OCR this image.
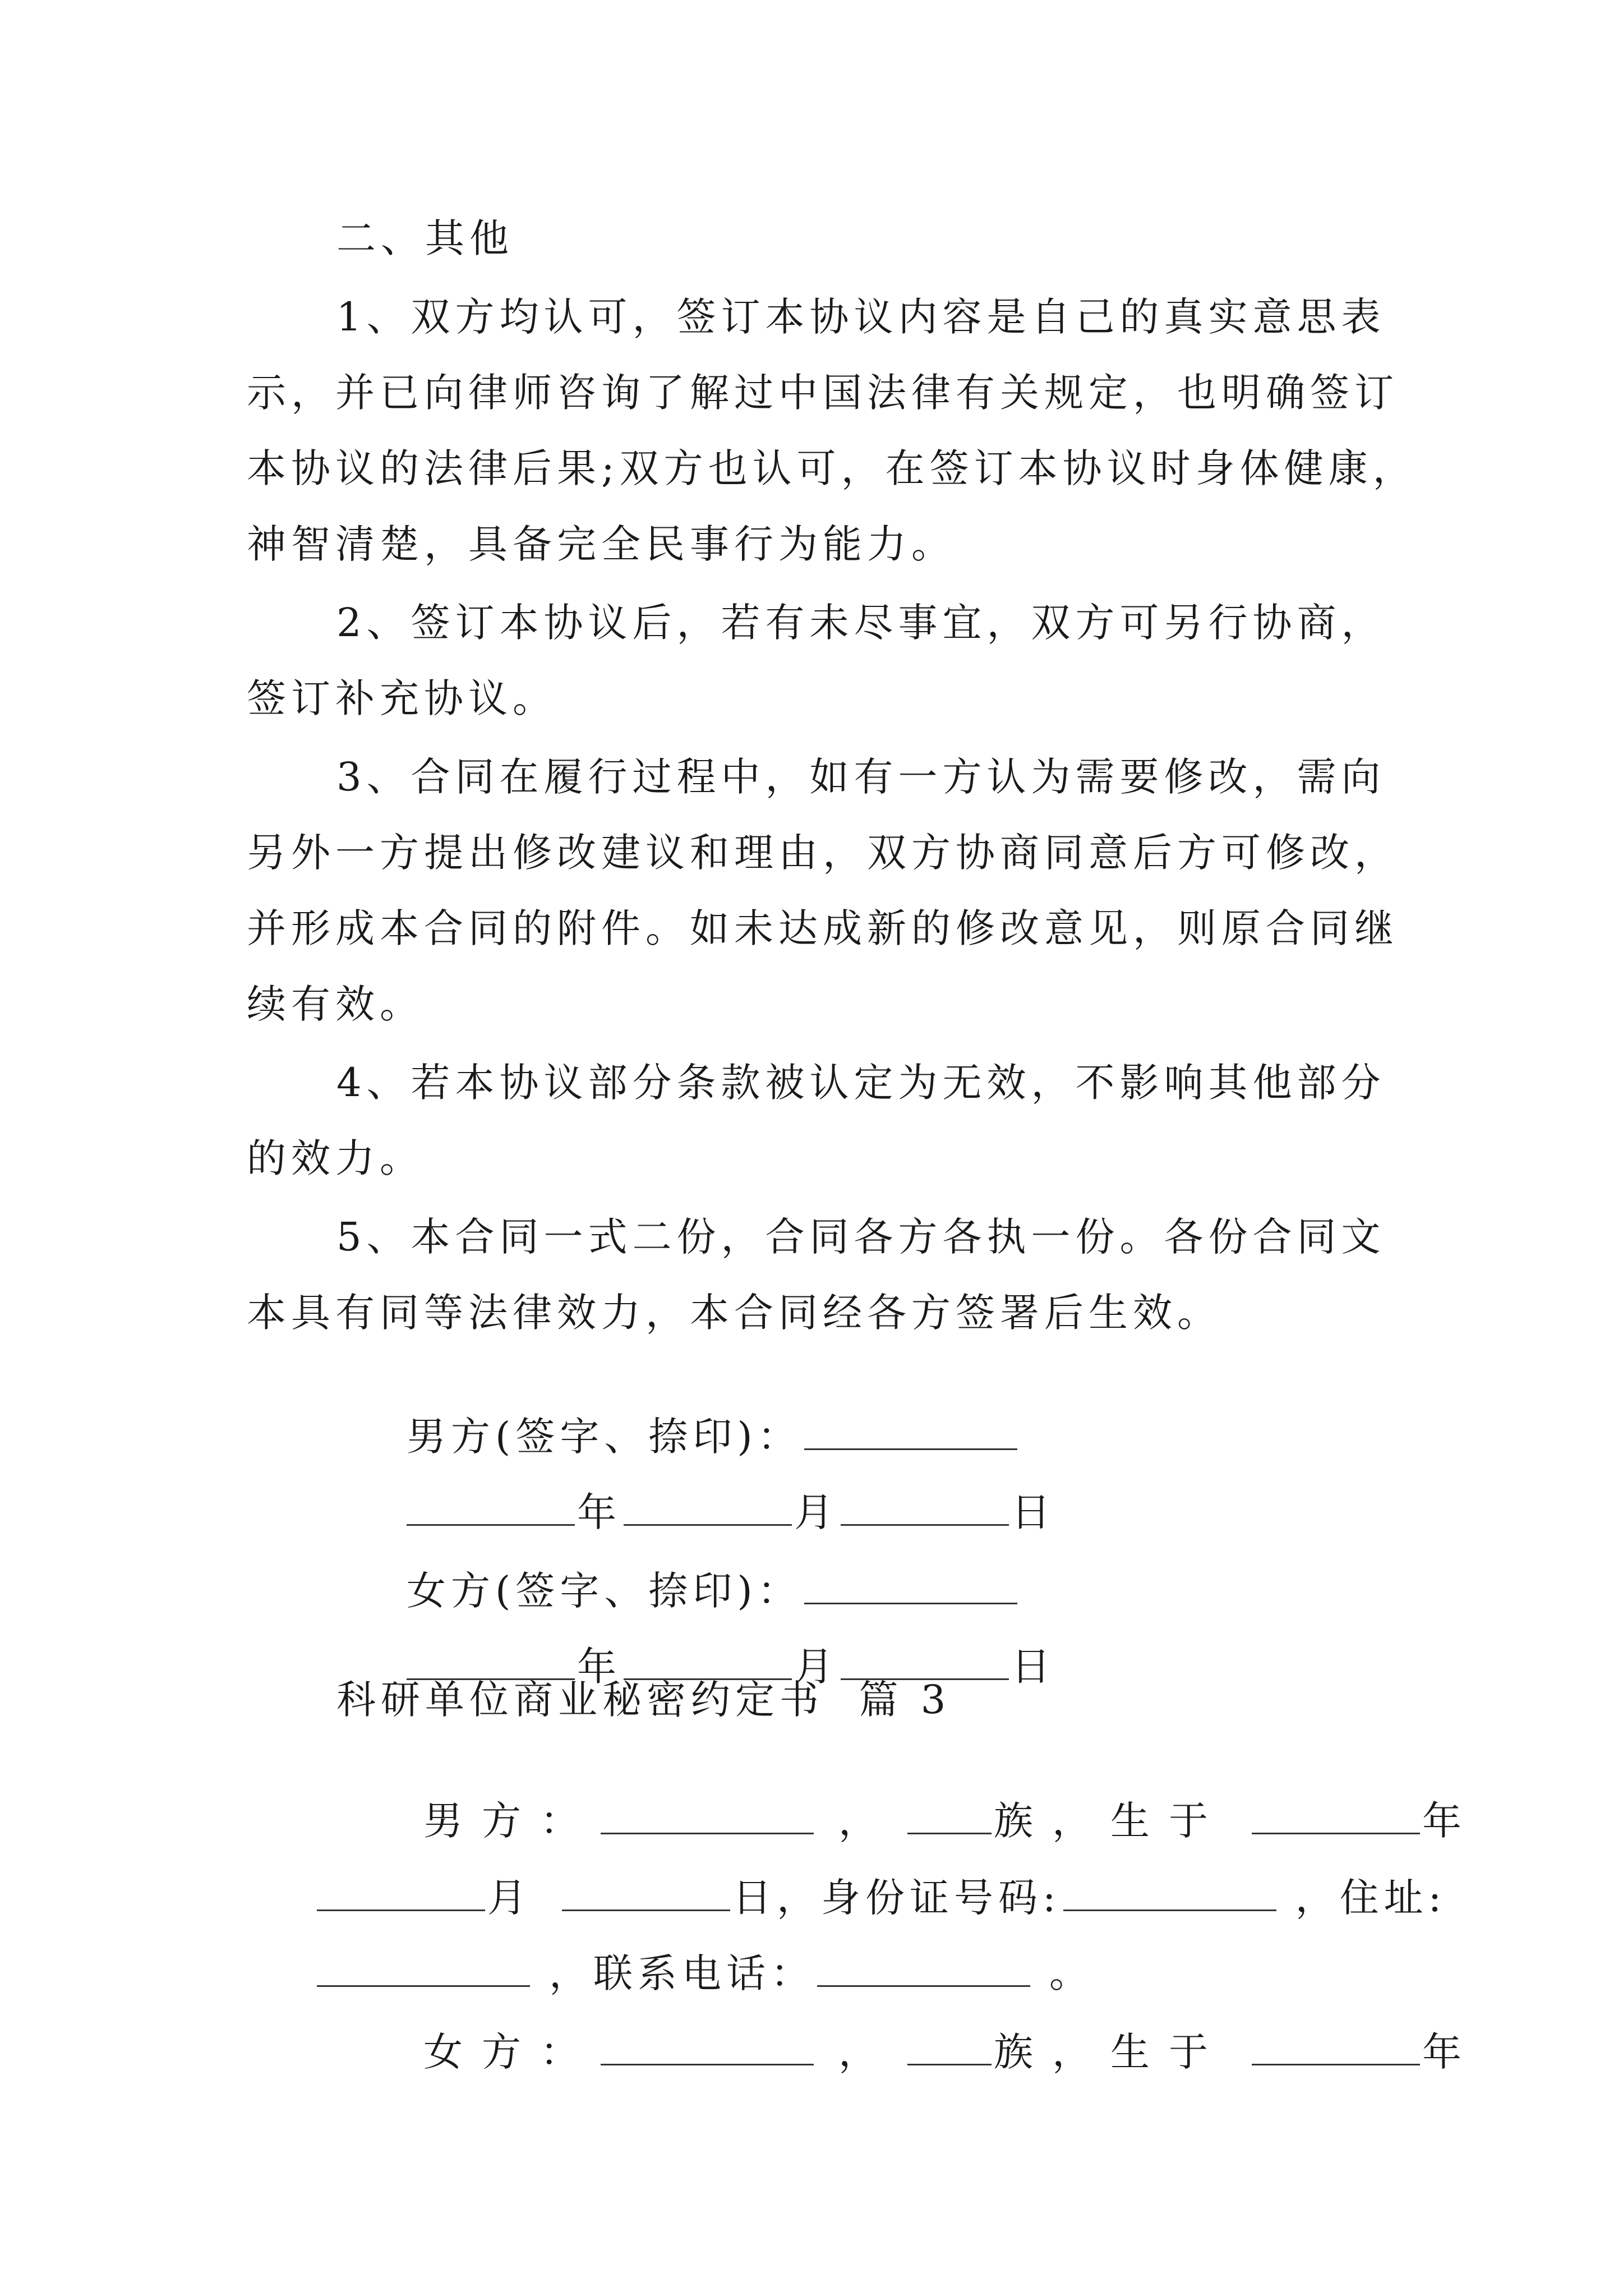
二、其他
1、双方均认可，签订本协议内容是自己的真实意思表
示，并已向律师咨询了解过中国法律有关规定，也明确签订
本协议的法律后果;双方也认可，在签订本协议时身体健康，
神智清楚，具备完全民事行为能力。
2、签订本协议后，若有未尽事宜，双方可另行协商，
签订补充协议。
3、合同在履行过程中，如有一方认为需要修改，需向
另外一方提出修改建议和理由，双方协商同意后方可修改，
并形成本合同的附件。如未达成新的修改意见，则原合同继
续有效。
4、若本协议部分条款被认定为无效，不影响其他部分
的效力。
5、本合同一式二份，合同各方各执一份。各份合同文
本具有同等法律效力，本合同经各方签署后生效。

男方(签字、捺印)：

年	月	日

女方(签字、捺印)：

年	月	日

科研单位商业秘密约定书  篇 3

男方：	，	族，生于	年

月	日，身份证号码:	，住址:

，联系电话：	。

女方：	，	族，生于	年
